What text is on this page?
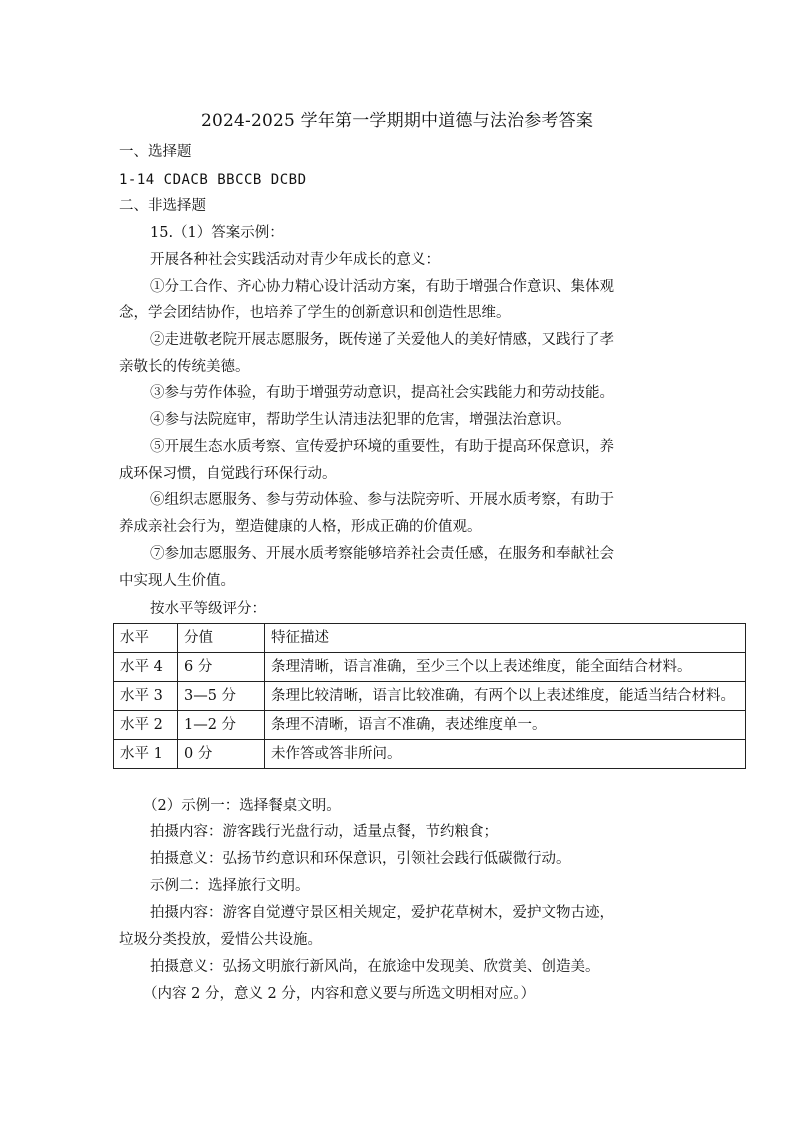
2024-2025 学年第一学期期中道德与法治参考答案
一、选择题
1-14 CDACB BBCCB DCBD
二、非选择题
15.（1）答案示例：
开展各种社会实践活动对青少年成长的意义：
①分工合作、齐心协力精心设计活动方案，有助于增强合作意识、集体观
念，学会团结协作，也培养了学生的创新意识和创造性思维。
②走进敬老院开展志愿服务，既传递了关爱他人的美好情感，又践行了孝
亲敬长的传统美德。
③参与劳作体验，有助于增强劳动意识，提高社会实践能力和劳动技能。
④参与法院庭审，帮助学生认清违法犯罪的危害，增强法治意识。
⑤开展生态水质考察、宣传爱护环境的重要性，有助于提高环保意识，养
成环保习惯，自觉践行环保行动。
⑥组织志愿服务、参与劳动体验、参与法院旁听、开展水质考察，有助于
养成亲社会行为，塑造健康的人格，形成正确的价值观。
⑦参加志愿服务、开展水质考察能够培养社会责任感，在服务和奉献社会
中实现人生价值。
按水平等级评分：
水平	分值	特征描述
水平 4	6 分	条理清晰，语言准确，至少三个以上表述维度，能全面结合材料。
水平 3	3—5 分	条理比较清晰，语言比较准确，有两个以上表述维度，能适当结合材料。
水平 2	1—2 分	条理不清晰，语言不准确，表述维度单一。
水平 1	0 分	未作答或答非所问。
（2）示例一：选择餐桌文明。
拍摄内容：游客践行光盘行动，适量点餐，节约粮食；
拍摄意义：弘扬节约意识和环保意识，引领社会践行低碳微行动。
示例二：选择旅行文明。
拍摄内容：游客自觉遵守景区相关规定，爱护花草树木，爱护文物古迹，
垃圾分类投放，爱惜公共设施。
拍摄意义：弘扬文明旅行新风尚，在旅途中发现美、欣赏美、创造美。
（内容 2 分，意义 2 分，内容和意义要与所选文明相对应。）
